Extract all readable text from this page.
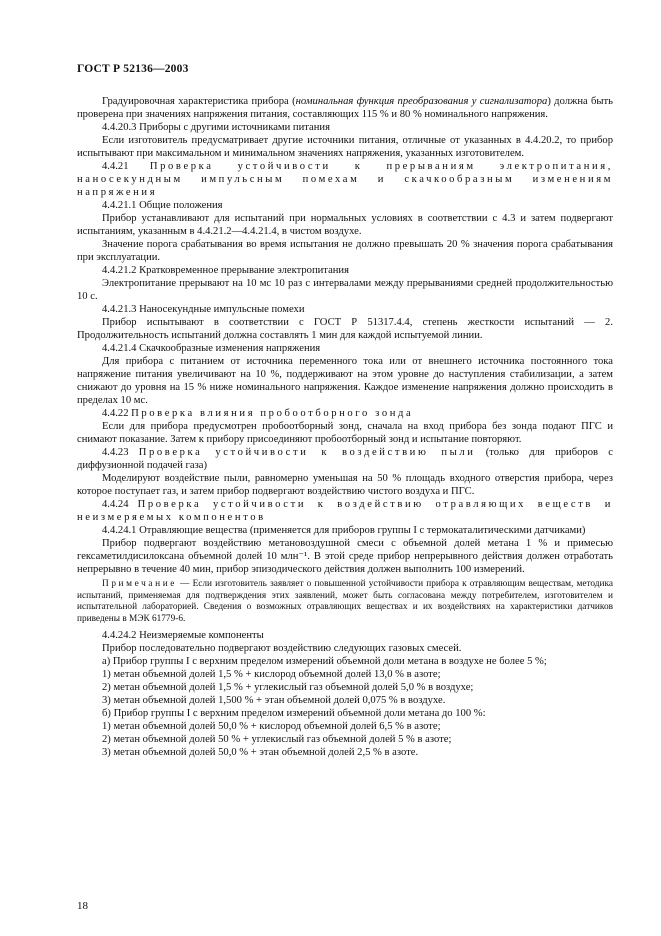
ГОСТ Р 52136—2003

Градуировочная характеристика прибора (номинальная функция преобразования у сигнализатора) должна быть проверена при значениях напряжения питания, составляющих 115 % и 80 % номинального напряжения.

4.4.20.3 Приборы с другими источниками питания

Если изготовитель предусматривает другие источники питания, отличные от указанных в 4.4.20.2, то прибор испытывают при максимальном и минимальном значениях напряжения, указанных изготовителем.

4.4.21 Проверка устойчивости к прерываниям электропитания, наносекундным импульсным помехам и скачкообразным изменениям напряжения

4.4.21.1 Общие положения

Прибор устанавливают для испытаний при нормальных условиях в соответствии с 4.3 и затем подвергают испытаниям, указанным в 4.4.21.2—4.4.21.4, в чистом воздухе.

Значение порога срабатывания во время испытания не должно превышать 20 % значения порога срабатывания при эксплуатации.

4.4.21.2 Кратковременное прерывание электропитания

Электропитание прерывают на 10 мс 10 раз с интервалами между прерываниями средней продолжительностью 10 с.

4.4.21.3 Наносекундные импульсные помехи

Прибор испытывают в соответствии с ГОСТ Р 51317.4.4, степень жесткости испытаний — 2. Продолжительность испытаний должна составлять 1 мин для каждой испытуемой линии.

4.4.21.4 Скачкообразные изменения напряжения

Для прибора с питанием от источника переменного тока или от внешнего источника постоянного тока напряжение питания увеличивают на 10 %, поддерживают на этом уровне до наступления стабилизации, а затем снижают до уровня на 15 % ниже номинального напряжения. Каждое изменение напряжения должно происходить в пределах 10 мс.

4.4.22 Проверка влияния пробоотборного зонда

Если для прибора предусмотрен пробоотборный зонд, сначала на вход прибора без зонда подают ПГС и снимают показание. Затем к прибору присоединяют пробоотборный зонд и испытание повторяют.

4.4.23 Проверка устойчивости к воздействию пыли (только для приборов с диффузионной подачей газа)

Моделируют воздействие пыли, равномерно уменьшая на 50 % площадь входного отверстия прибора, через которое поступает газ, и затем прибор подвергают воздействию чистого воздуха и ПГС.

4.4.24 Проверка устойчивости к воздействию отравляющих веществ и неизмеряемых компонентов

4.4.24.1 Отравляющие вещества (применяется для приборов группы I с термокаталитическими датчиками)

Прибор подвергают воздействию метановоздушной смеси с объемной долей метана 1 % и примесью гексаметилдисилоксана объемной долей 10 млн⁻¹. В этой среде прибор непрерывного действия должен отработать непрерывно в течение 40 мин, прибор эпизодического действия должен выполнить 100 измерений.

Примечание — Если изготовитель заявляет о повышенной устойчивости прибора к отравляющим веществам, методика испытаний, применяемая для подтверждения этих заявлений, может быть согласована между потребителем, изготовителем и испытательной лабораторией. Сведения о возможных отравляющих веществах и их воздействиях на характеристики датчиков приведены в МЭК 61779-6.

4.4.24.2 Неизмеряемые компоненты

Прибор последовательно подвергают воздействию следующих газовых смесей.

а) Прибор группы I с верхним пределом измерений объемной доли метана в воздухе не более 5 %;

1) метан объемной долей 1,5 % + кислород объемной долей 13,0 % в азоте;

2) метан объемной долей 1,5 % + углекислый газ объемной долей 5,0 % в воздухе;

3) метан объемной долей 1,500 % + этан объемной долей 0,075 % в воздухе.

б) Прибор группы I с верхним пределом измерений объемной доли метана до 100 %:

1) метан объемной долей 50,0 % + кислород объемной долей 6,5 % в азоте;

2) метан объемной долей 50 % + углекислый газ объемной долей 5 % в азоте;

3) метан объемной долей 50,0 % + этан объемной долей 2,5 % в азоте.

18
